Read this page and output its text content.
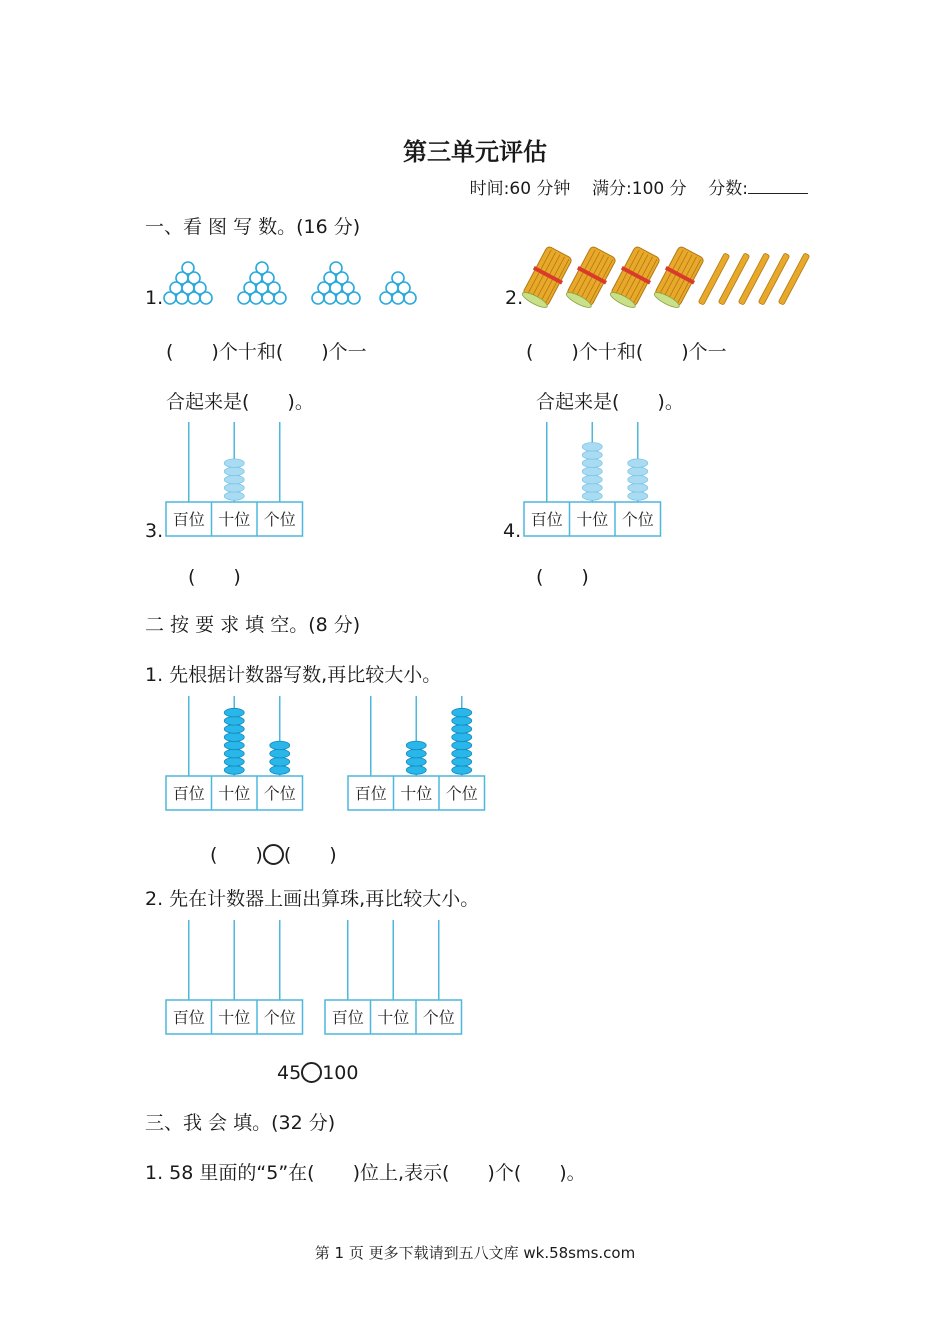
第三单元评估
时间:60 分钟 满分:100 分 分数:
一、看 图 写 数。(16 分)
1.
(　　)个十和(　　)个一
合起来是(　　)。
2.
(　　)个十和(　　)个一
合起来是(　　)。
3.
百位 十位 个位
(　　)
4.
百位 十位 个位
(　　)
二 按 要 求 填 空。(8 分)
1. 先根据计数器写数,再比较大小。
百位 十位 个位	百位 十位 个位
(　　) (　　)
2. 先在计数器上画出算珠,再比较大小。
百位 十位 个位 百位 十位 个位
45 100
三、我 会 填。(32 分)
1. 58 里面的“5”在(　　)位上,表示(　　)个(　　)。
第 1 页 更多下载请到五八文库 wk.58sms.com
